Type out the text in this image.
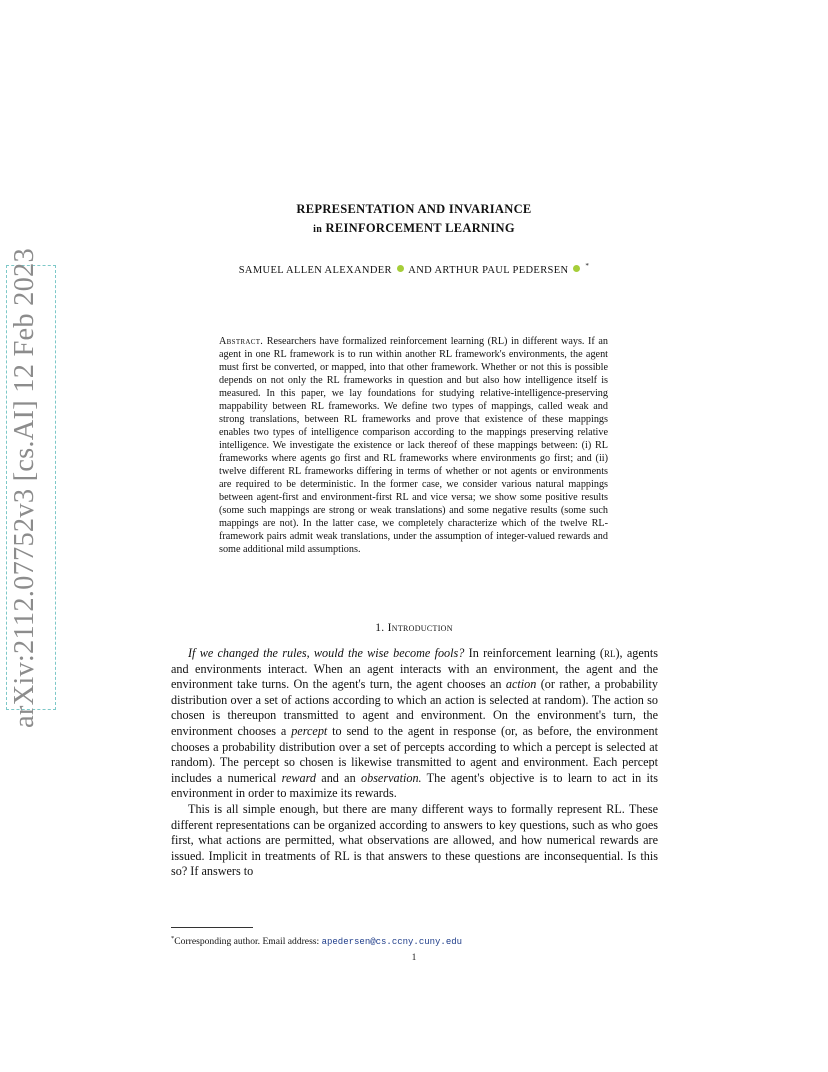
arXiv:2112.07752v3 [cs.AI] 12 Feb 2023
REPRESENTATION AND INVARIANCE
in REINFORCEMENT LEARNING
SAMUEL ALLEN ALEXANDER AND ARTHUR PAUL PEDERSEN *
Abstract. Researchers have formalized reinforcement learning (RL) in different ways. If an agent in one RL framework is to run within another RL framework's environments, the agent must first be converted, or mapped, into that other framework. Whether or not this is possible depends on not only the RL frameworks in question and but also how intelligence itself is measured. In this paper, we lay foundations for studying relative-intelligence-preserving mappability between RL frameworks. We define two types of mappings, called weak and strong translations, between RL frameworks and prove that existence of these mappings enables two types of intelligence comparison according to the mappings preserving relative intelligence. We investigate the existence or lack thereof of these mappings between: (i) RL frameworks where agents go first and RL frameworks where environments go first; and (ii) twelve different RL frameworks differing in terms of whether or not agents or environments are required to be deterministic. In the former case, we consider various natural mappings between agent-first and environment-first RL and vice versa; we show some positive results (some such mappings are strong or weak translations) and some negative results (some such mappings are not). In the latter case, we completely characterize which of the twelve RL-framework pairs admit weak translations, under the assumption of integer-valued rewards and some additional mild assumptions.
1. Introduction

If we changed the rules, would the wise become fools? In reinforcement learning (rl), agents and environments interact. When an agent interacts with an environment, the agent and the environment take turns. On the agent's turn, the agent chooses an action (or rather, a probability distribution over a set of actions according to which an action is selected at random). The action so chosen is thereupon transmitted to agent and environment. On the environment's turn, the environment chooses a percept to send to the agent in response (or, as before, the environment chooses a probability distribution over a set of percepts according to which a percept is selected at random). The percept so chosen is likewise transmitted to agent and environment. Each percept includes a numerical reward and an observation. The agent's objective is to learn to act in its environment in order to maximize its rewards.

This is all simple enough, but there are many different ways to formally represent RL. These different representations can be organized according to answers to key questions, such as who goes first, what actions are permitted, what observations are allowed, and how numerical rewards are issued. Implicit in treatments of RL is that answers to these questions are inconsequential. Is this so? If answers to

*Corresponding author. Email address: apedersen@cs.ccny.cuny.edu
1
